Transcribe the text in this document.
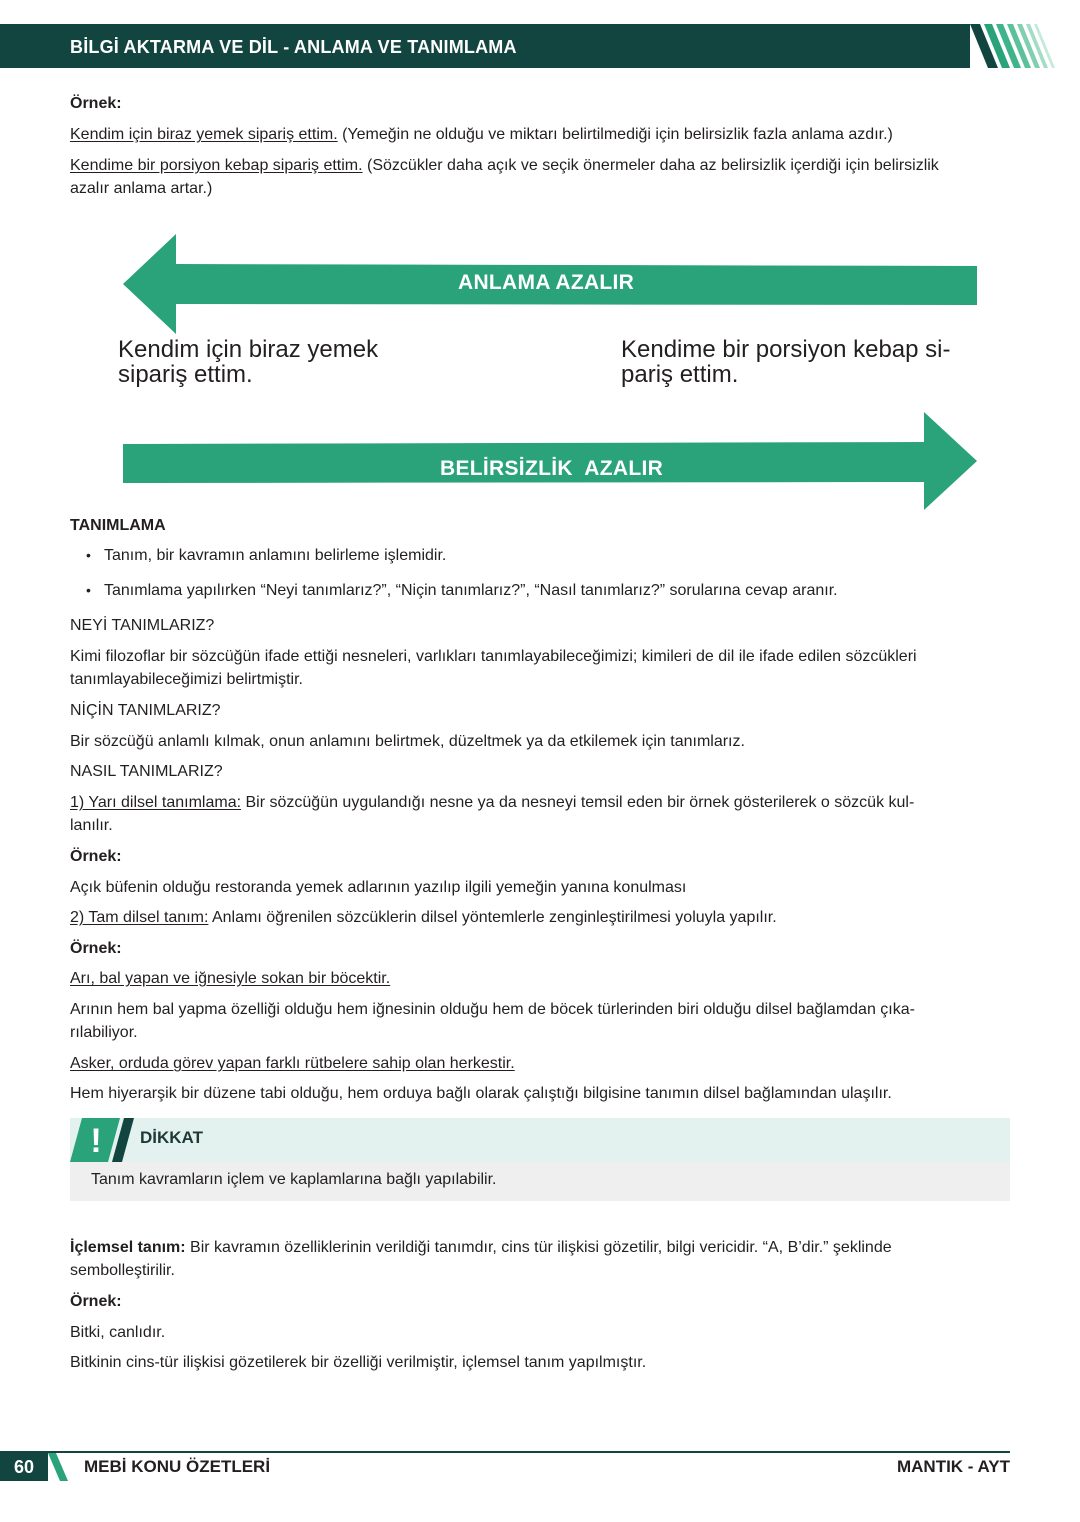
BİLGİ AKTARMA VE DİL - ANLAMA VE TANIMLAMA
Örnek:
Kendim için biraz yemek sipariş ettim. (Yemeğin ne olduğu ve miktarı belirtilmediği için belirsizlik fazla anlama azdır.)
Kendime bir porsiyon kebap sipariş ettim. (Sözcükler daha açık ve seçik önermeler daha az belirsizlik içerdiği için belirsizlik
azalır anlama artar.)
ANLAMA AZALIR
BELİRSİZLİK  AZALIR
Kendim için biraz yemek
sipariş ettim.
Kendime bir porsiyon kebap si-
pariş ettim.
TANIMLAMA
• Tanım, bir kavramın anlamını belirleme işlemidir.
• Tanımlama yapılırken “Neyi tanımlarız?”, “Niçin tanımlarız?”, “Nasıl tanımlarız?” sorularına cevap aranır.
NEYİ TANIMLARIZ?
Kimi filozoflar bir sözcüğün ifade ettiği nesneleri, varlıkları tanımlayabileceğimizi; kimileri de dil ile ifade edilen sözcükleri
tanımlayabileceğimizi belirtmiştir.
NİÇİN TANIMLARIZ?
Bir sözcüğü anlamlı kılmak, onun anlamını belirtmek, düzeltmek ya da etkilemek için tanımlarız.
NASIL TANIMLARIZ?
1) Yarı dilsel tanımlama: Bir sözcüğün uygulandığı nesne ya da nesneyi temsil eden bir örnek gösterilerek o sözcük kul-
lanılır.
Örnek:
Açık büfenin olduğu restoranda yemek adlarının yazılıp ilgili yemeğin yanına konulması
2) Tam dilsel tanım: Anlamı öğrenilen sözcüklerin dilsel yöntemlerle zenginleştirilmesi yoluyla yapılır.
Örnek:
Arı, bal yapan ve iğnesiyle sokan bir böcektir.
Arının hem bal yapma özelliği olduğu hem iğnesinin olduğu hem de böcek türlerinden biri olduğu dilsel bağlamdan çıka-
rılabiliyor.
Asker, orduda görev yapan farklı rütbelere sahip olan herkestir.
Hem hiyerarşik bir düzene tabi olduğu, hem orduya bağlı olarak çalıştığı bilgisine tanımın dilsel bağlamından ulaşılır.
! DİKKAT
Tanım kavramların içlem ve kaplamlarına bağlı yapılabilir.
İçlemsel tanım: Bir kavramın özelliklerinin verildiği tanımdır, cins tür ilişkisi gözetilir, bilgi vericidir. “A, B’dir.” şeklinde
sembolleştirilir.
Örnek:
Bitki, canlıdır.
Bitkinin cins-tür ilişkisi gözetilerek bir özelliği verilmiştir, içlemsel tanım yapılmıştır.
60	MEBİ KONU ÖZETLERİ	MANTIK - AYT
